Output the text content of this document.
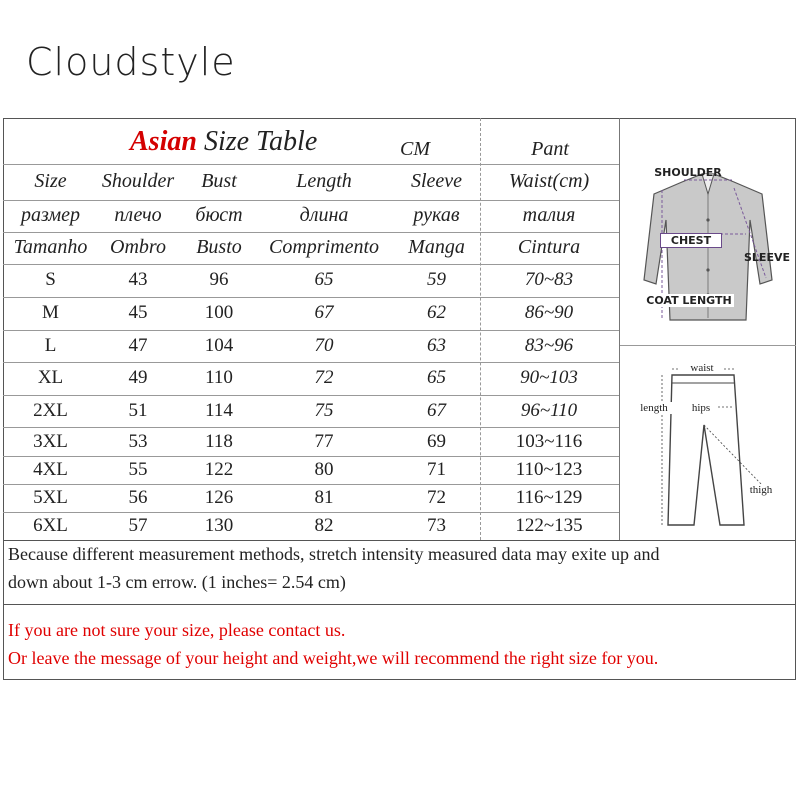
Cloudstyle
Asian Size Table	CM	Pant
Size	Shoulder	Bust	Length	Sleeve	Waist(cm)
размер	плечо	бюст	длина	рукав	талия
Tamanho	Ombro	Busto	Comprimento	Manga	Cintura
S	43	96	65	59	70~83
M	45	100	67	62	86~90
L	47	104	70	63	83~96
XL	49	110	72	65	90~103
2XL	51	114	75	67	96~110
3XL	53	118	77	69	103~116
4XL	55	122	80	71	110~123
5XL	56	126	81	72	116~129
6XL	57	130	82	73	122~135
SHOULDER
CHEST
SLEEVE
COAT LENGTH
waist
length	hips
thigh
Because different measurement methods, stretch intensity measured data may exite up and
down about 1-3 cm errow. (1 inches= 2.54 cm)
If you are not sure your size, please contact us.
Or leave the message of your height and weight,we will recommend the right size for you.
